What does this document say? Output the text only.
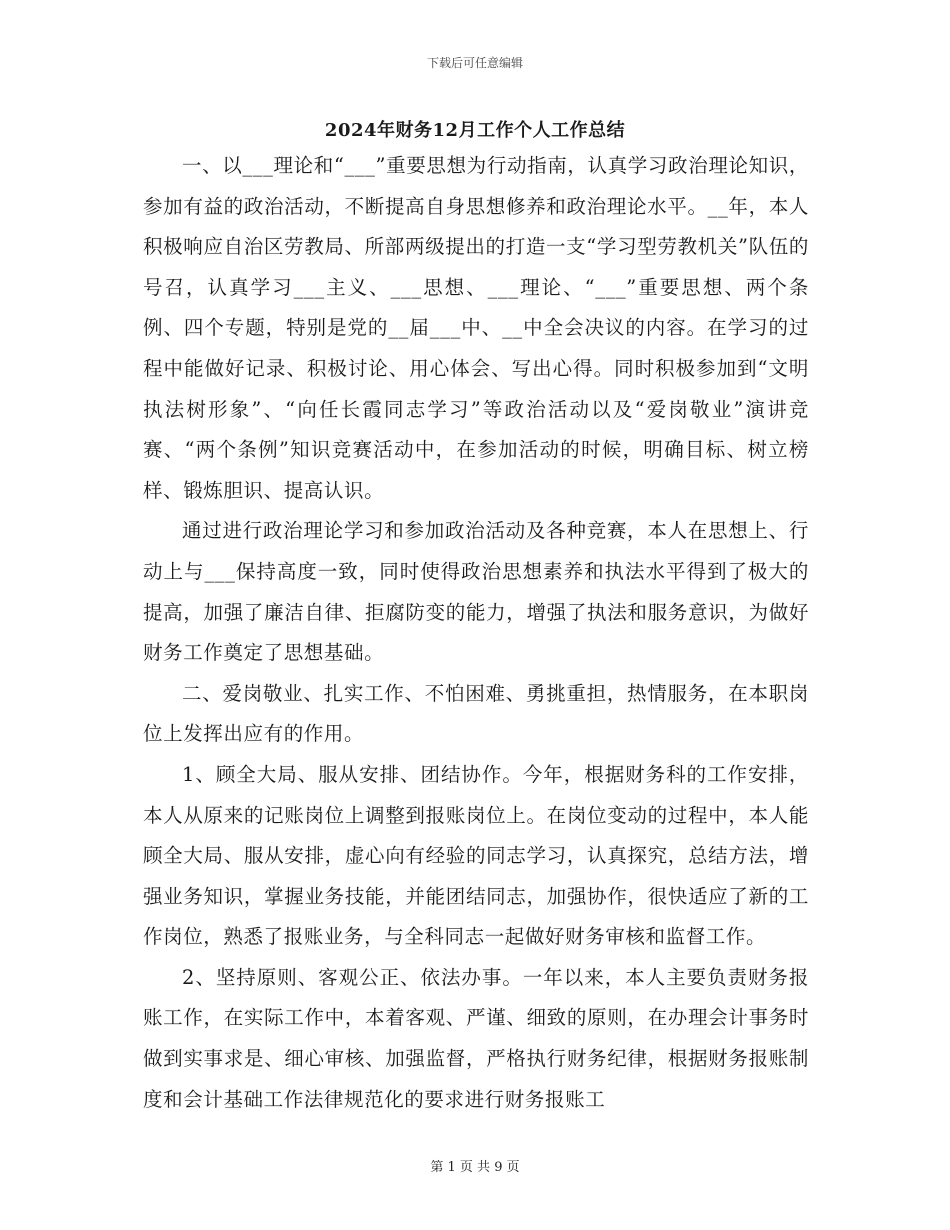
下载后可任意编辑
2024年财务12月工作个人工作总结

一、以___理论和“___”重要思想为行动指南，认真学习政治理论知识，参加有益的政治活动，不断提高自身思想修养和政治理论水平。__年，本人积极响应自治区劳教局、所部两级提出的打造一支“学习型劳教机关”队伍的号召，认真学习___主义、___思想、___理论、“___”重要思想、两个条例、四个专题，特别是党的__届___中、__中全会决议的内容。在学习的过程中能做好记录、积极讨论、用心体会、写出心得。同时积极参加到“文明执法树形象”、“向任长霞同志学习”等政治活动以及“爱岗敬业”演讲竞赛、“两个条例”知识竞赛活动中，在参加活动的时候，明确目标、树立榜样、锻炼胆识、提高认识。

通过进行政治理论学习和参加政治活动及各种竞赛，本人在思想上、行动上与___保持高度一致，同时使得政治思想素养和执法水平得到了极大的提高，加强了廉洁自律、拒腐防变的能力，增强了执法和服务意识，为做好财务工作奠定了思想基础。

二、爱岗敬业、扎实工作、不怕困难、勇挑重担，热情服务，在本职岗位上发挥出应有的作用。

1、顾全大局、服从安排、团结协作。今年，根据财务科的工作安排，本人从原来的记账岗位上调整到报账岗位上。在岗位变动的过程中，本人能顾全大局、服从安排，虚心向有经验的同志学习，认真探究，总结方法，增强业务知识，掌握业务技能，并能团结同志，加强协作，很快适应了新的工作岗位，熟悉了报账业务，与全科同志一起做好财务审核和监督工作。

2、坚持原则、客观公正、依法办事。一年以来，本人主要负责财务报账工作，在实际工作中，本着客观、严谨、细致的原则，在办理会计事务时做到实事求是、细心审核、加强监督，严格执行财务纪律，根据财务报账制度和会计基础工作法律规范化的要求进行财务报账工

第 1 页 共 9 页
